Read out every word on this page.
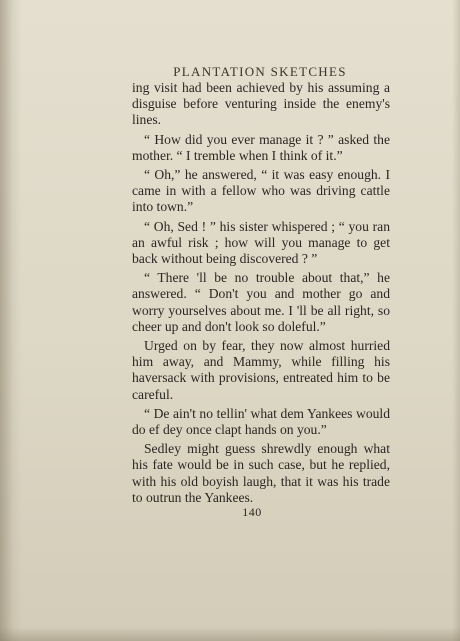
PLANTATION SKETCHES

ing visit had been achieved by his assuming a disguise before venturing inside the enemy's lines.

“ How did you ever manage it ? ” asked the mother. “ I tremble when I think of it.”

“ Oh,” he answered, “ it was easy enough. I came in with a fellow who was driving cattle into town.”

“ Oh, Sed ! ” his sister whispered ; “ you ran an awful risk ; how will you manage to get back without being discovered ? ”

“ There 'll be no trouble about that,” he answered. “ Don't you and mother go and worry yourselves about me. I 'll be all right, so cheer up and don't look so doleful.”

Urged on by fear, they now almost hurried him away, and Mammy, while filling his haversack with provisions, entreated him to be careful.

“ De ain't no tellin' what dem Yankees would do ef dey once clapt hands on you.”

Sedley might guess shrewdly enough what his fate would be in such case, but he replied, with his old boyish laugh, that it was his trade to outrun the Yankees.

140
